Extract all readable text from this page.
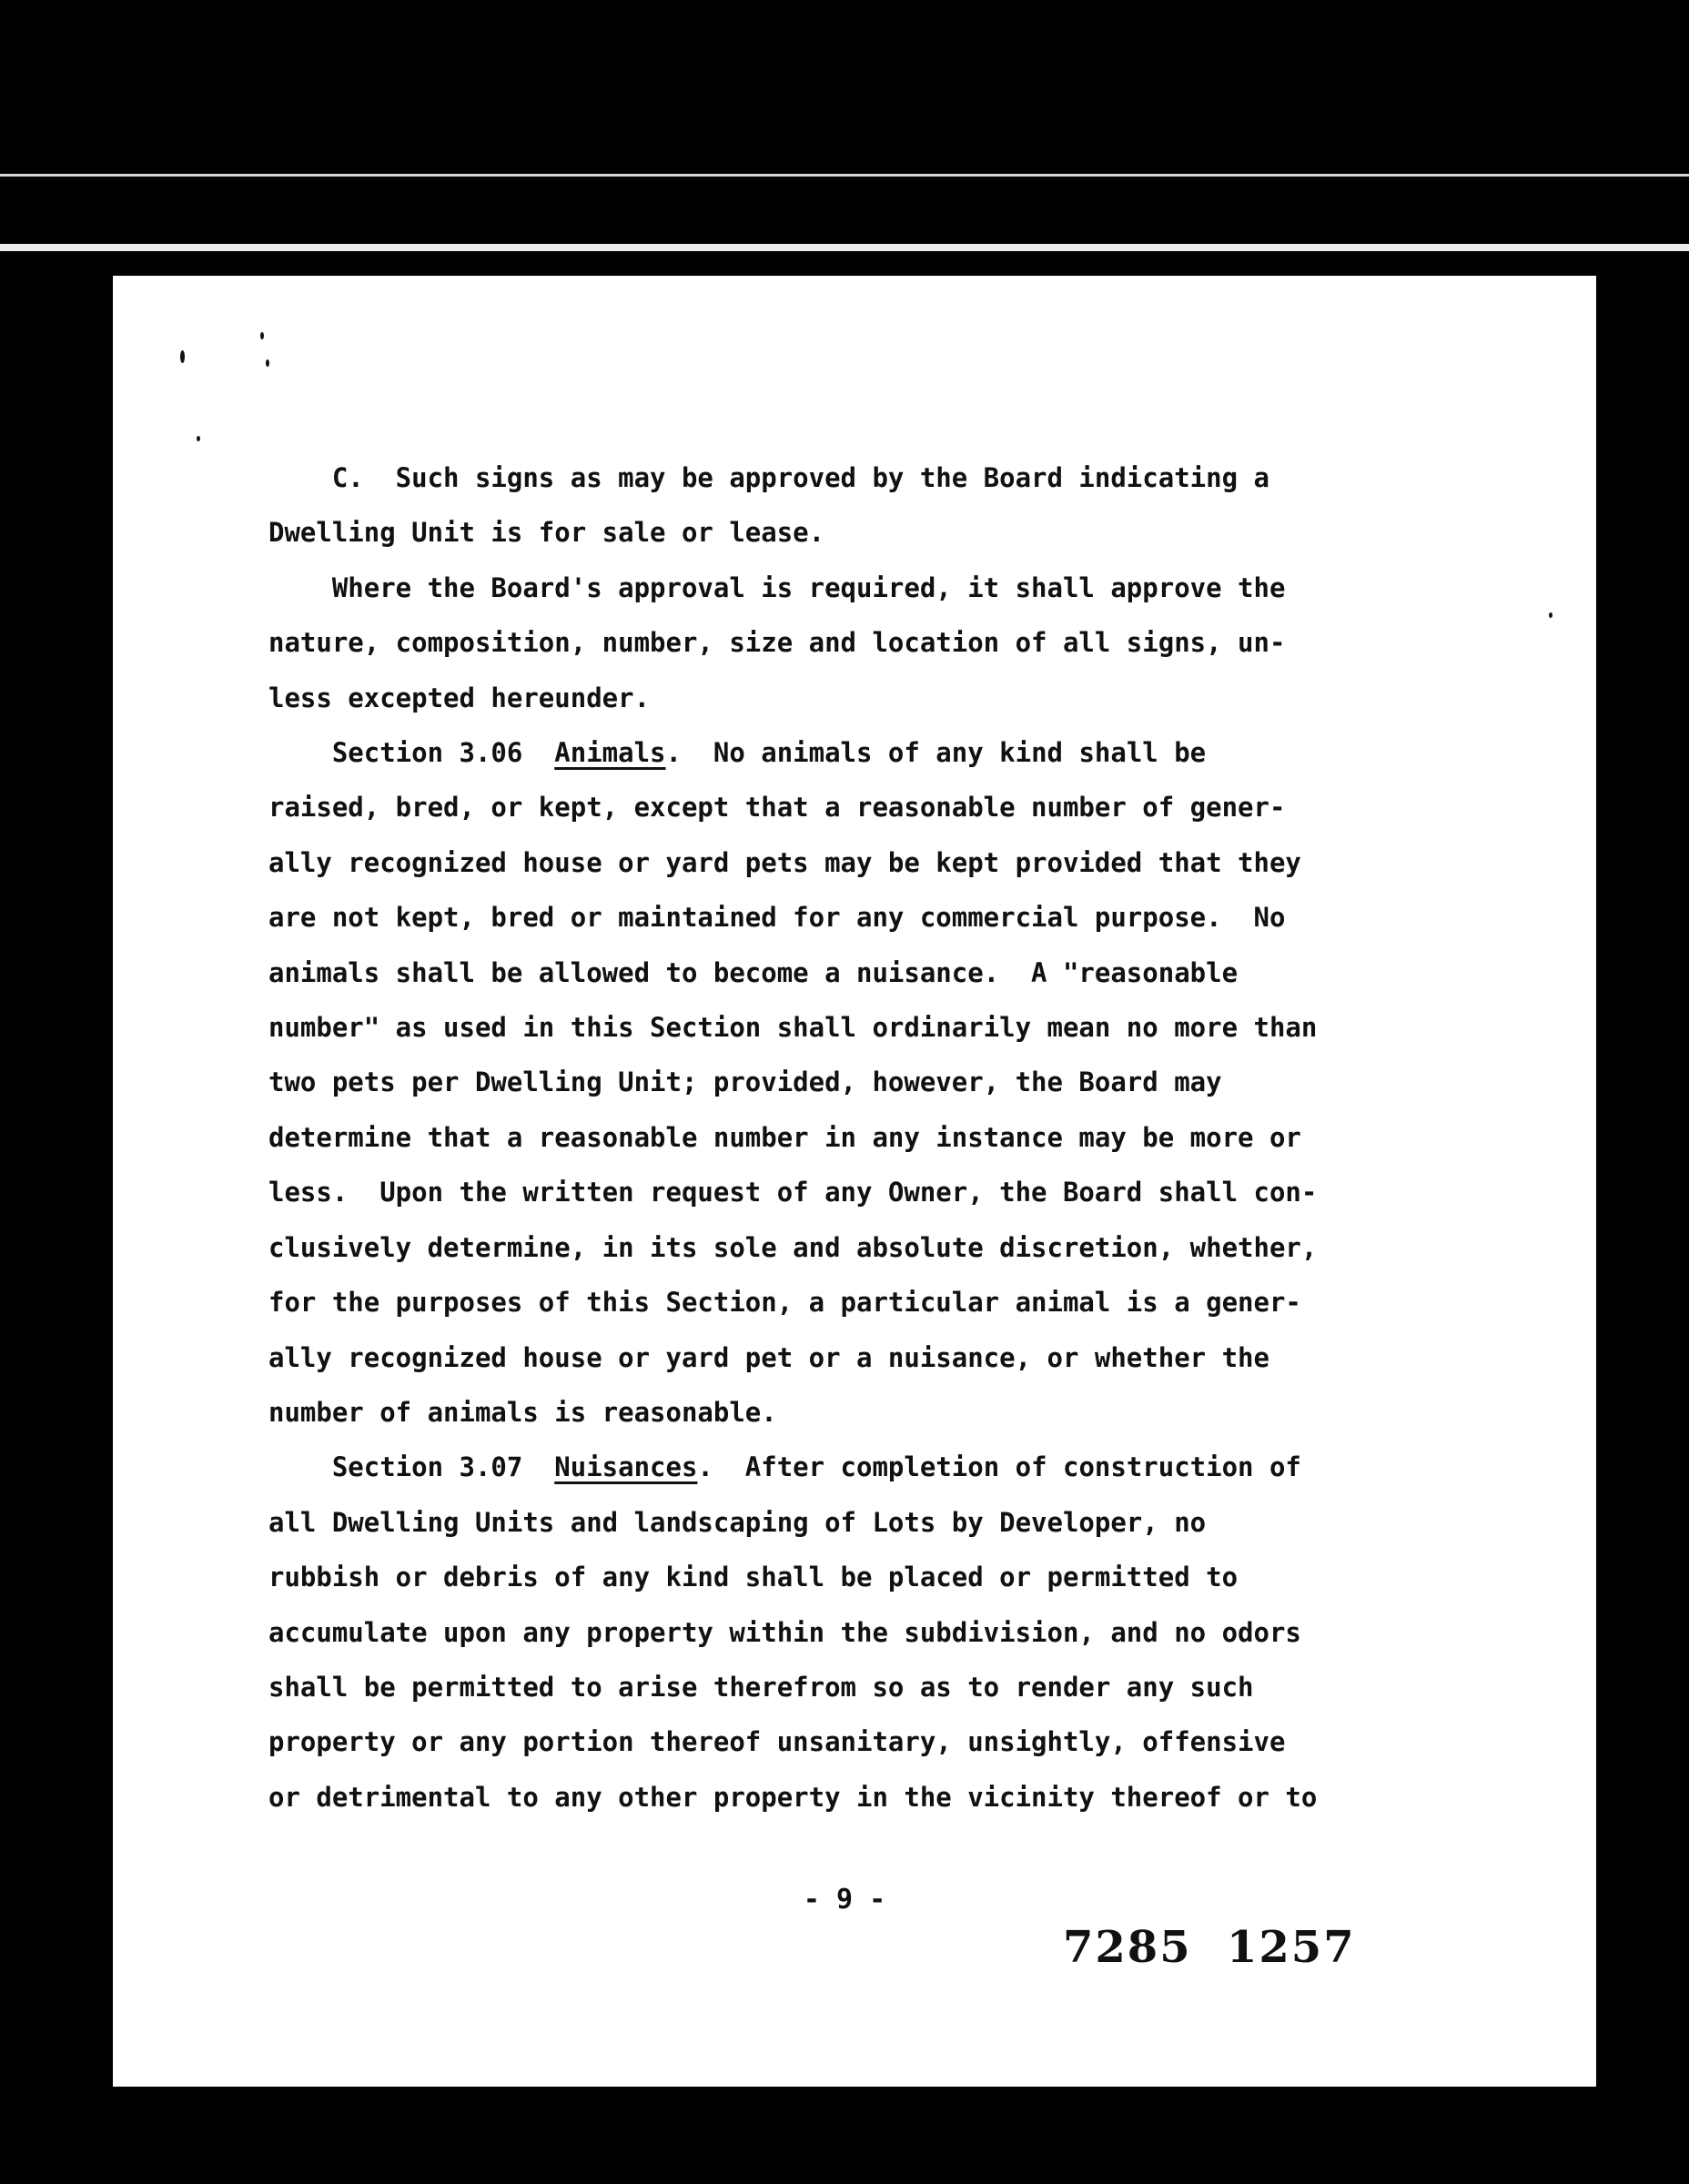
C.  Such signs as may be approved by the Board indicating a
Dwelling Unit is for sale or lease.
Where the Board's approval is required, it shall approve the
nature, composition, number, size and location of all signs, un-
less excepted hereunder.
Section 3.06  Animals.  No animals of any kind shall be
raised, bred, or kept, except that a reasonable number of gener-
ally recognized house or yard pets may be kept provided that they
are not kept, bred or maintained for any commercial purpose.  No
animals shall be allowed to become a nuisance.  A "reasonable
number" as used in this Section shall ordinarily mean no more than
two pets per Dwelling Unit; provided, however, the Board may
determine that a reasonable number in any instance may be more or
less.  Upon the written request of any Owner, the Board shall con-
clusively determine, in its sole and absolute discretion, whether,
for the purposes of this Section, a particular animal is a gener-
ally recognized house or yard pet or a nuisance, or whether the
number of animals is reasonable.
Section 3.07  Nuisances.  After completion of construction of
all Dwelling Units and landscaping of Lots by Developer, no
rubbish or debris of any kind shall be placed or permitted to
accumulate upon any property within the subdivision, and no odors
shall be permitted to arise therefrom so as to render any such
property or any portion thereof unsanitary, unsightly, offensive
or detrimental to any other property in the vicinity thereof or to
- 9 -
7285 1257
